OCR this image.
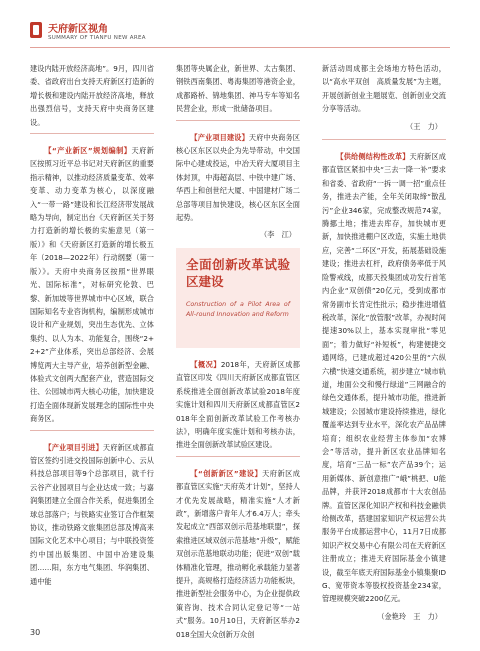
天府新区视角
SUMMARY OF TIANFU NEW AREA

建设内陆开放经济高地”。9月，四川省委、省政府出台支持天府新区打造新的增长极和建设内陆开放经济高地，释放出强烈信号，支持天府中央商务区建设。

【“产业新区”规划编制】天府新区按照习近平总书记对天府新区的重要指示精神，以推动经济质量变革、效率变革、动力变革为核心，以深度融入“一带一路”建设和长江经济带发展战略为导向，制定出台《天府新区关于努力打造新的增长极的实施意见（第一版）》和《天府新区打造新的增长极五年（2018—2022年）行动纲要（第一版）》。天府中央商务区按照“世界眼光、国际标准”，对标研究伦敦、巴黎、新加坡等世界城市中心区域，联合国际知名专业咨询机构，编制形成城市设计和产业规划，突出生态优先、立体集约、以人为本、功能复合，围绕“2+2+2”产业体系，突出总部经济、会展博览两大主导产业，培养创新型金融、体验式文创两大配套产业，营造国际交往、公园城市两大核心功能，加快建设打造全面体现新发展理念的国际性中央商务区。

【产业项目引进】天府新区成都直管区签约引进交投国际创新中心、云从科技总部项目等9个总部项目，就千行云谷产业园项目与企业达成一致；与嘉润集团建立全面合作关系，促进集团全球总部落户；与铁路实业签订合作框架协议，推动铁路文旅集团总部及博高来国际文化艺术中心项目；与中联投资签约中国出版集团、中国中冶建设集团……阳，东方电气集团、华润集团、通中能

集团等央属企业，新世界、太古集团、钢铁西南集团、粤海集团等港资企业，成都路桥、锦地集团、神马专车等知名民营企业，形成一批储备项目。

【产业项目建设】天府中央商务区核心区东区以央企为先导带动，中交国际中心建成投运，中冶天府大厦项目主体封顶，中海超高层、中铁中建广场、华西上和创世纪大厦、中国建材广场二总部等项目加快建设，核心区东区全面起势。

（李　江）
全面创新改革试验区建设
Construction of a Pilot Area of All-round Innovation and Reform

【概况】2018年，天府新区成都直管区印发《四川天府新区成都直管区系统推进全面创新改革试验2018年度实施计划和四川天府新区成都直管区2018年全面创新改革试验工作考核办法》，明确年度实施计划和考核办法，推进全面创新改革试验区建设。

【“创新新区”建设】天府新区成都直管区实施“天府英才计划”，坚持人才优先发展战略，精准实施“人才新政”，新增落户青年人才6.4万人；牵头发起成立“西部双创示范基地联盟”，探索推进区域双创示范基地“升级”，赋能双创示范基地联动功能；促进“双创”载体精准化管理，推动孵化承载能力显著提升，高规格打造经济活力功能板块，推进新型社会服务中心，为企业提供政策咨询、技术合同认定登记等“一站式”服务。10月10日，天府新区举办2018全国大众创新万众创

新活动周成都主会场地方特色活动，以“高水平双创　高质量发展”为主题，开展创新创业主题展览、创新创业交流分享等活动。

（王　力）

【供给侧结构性改革】天府新区成都直管区紧扣中央“三去一降一补”要求和省委、省政府“一拆一调一招”重点任务，推进去产能，全年关闭取缔“散乱污”企业346家，完成整改规范74家，腾挪土地；推进去库存，加快城市更新，加快推进棚户区改造，实施土地供应，完善“二环区”开发，拓展基础设施建设；推进去杠杆，政府债务率低于风险警戒线，成都天投集团成功发行首笔内企业“双创债”20亿元，受到成都市常务副市长肯定性批示；稳步推进增值税改革，深化“放管服”改革，办视时间提速30%以上，基本实现审批“零见面”；着力做好“补短板”，构建便捷交通网络，已建成超过420公里的“六纵六横”快速交通系统，初步建立“城市轨道，地面公交和慢行绿道”三网融合的绿色交通体系，提升城市功能，推进新城建设；公园城市建设持续推进，绿化覆盖率达到专业水平，深化农产品品牌培育；组织农业经营主体参加“农博会”等活动，提升新区农业品牌知名度，培育“三品一标”农产品39个；运用新媒体、新创意推广“峨”桃把、U能品牌，并获评2018成都市十大农创品牌。直管区深化知识产权和科技金融供给侧改革，搭建国家知识产权运营公共服务平台成都运营中心，11月7日成都知识产权交易中心有限公司在天府新区注册成立；推进天府国际基金小镇建设，截至年底天府国际基金小镇集聚IDG、宽带资本等股权投资基金234家，管理规模突破2200亿元。

（金艳玲　王　力）
30
